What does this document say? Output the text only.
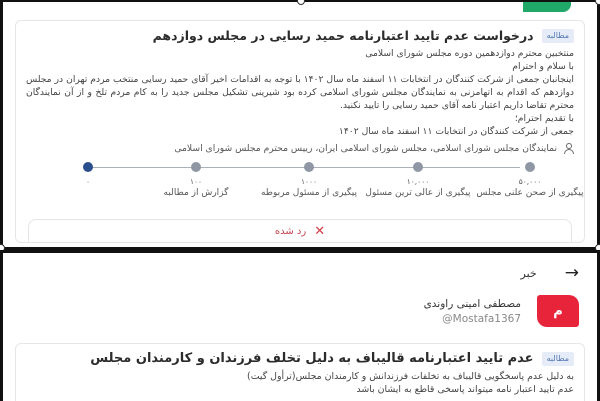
مطالبه
درخواست عدم تایید اعتبارنامه حمید رسایی در مجلس دوازدهم

منتخبین محترم دوازدهمین دوره مجلس شورای اسلامی

با سلام و احترام

اینجانبان جمعی از شرکت کنندگان در انتخابات ۱۱ اسفند ماه سال ۱۴۰۲ با توجه به اقدامات اخیر آقای حمید رسایی منتخب مردم تهران در مجلس دوازدهم که اقدام به اتهامزنی به نمایندگان مجلس شورای اسلامی کرده بود شیرینی تشکیل مجلس جدید را به کام مردم تلخ و از آن نمایندگان محترم تقاضا داریم اعتبار نامه آقای حمید رسایی را تایید نکنید.

با تقدیم احترام؛

جمعی از شرکت کنندگان در انتخابات ۱۱ اسفند ماه سال ۱۴۰۲

نمایندگان مجلس شورای اسلامی، مجلس شورای اسلامی ایران، رییس محترم مجلس شورای اسلامی
۰	۱۰۰
گزارش از مطالبه
۱۰۰۰
پیگیری از مسئول مربوطه
۱۰,۰۰۰
پیگیری از عالی ترین مسئول
۵۰,۰۰۰
پیگیری از صحن علنی مجلس
✕
رد شده
→
خبر
م
مصطفی امینی راوندی
@Mostafa1367
مطالبه
عدم تایید اعتبارنامه قالیباف به دلیل تخلف فرزندان و کارمندان مجلس

به دلیل عدم پاسخگویی قالیباف به تخلفات فرزندانش و کارمندان مجلس(ترأول گیت)

عدم تایید اعتبار نامه میتواند پاسخی قاطع به ایشان باشد
